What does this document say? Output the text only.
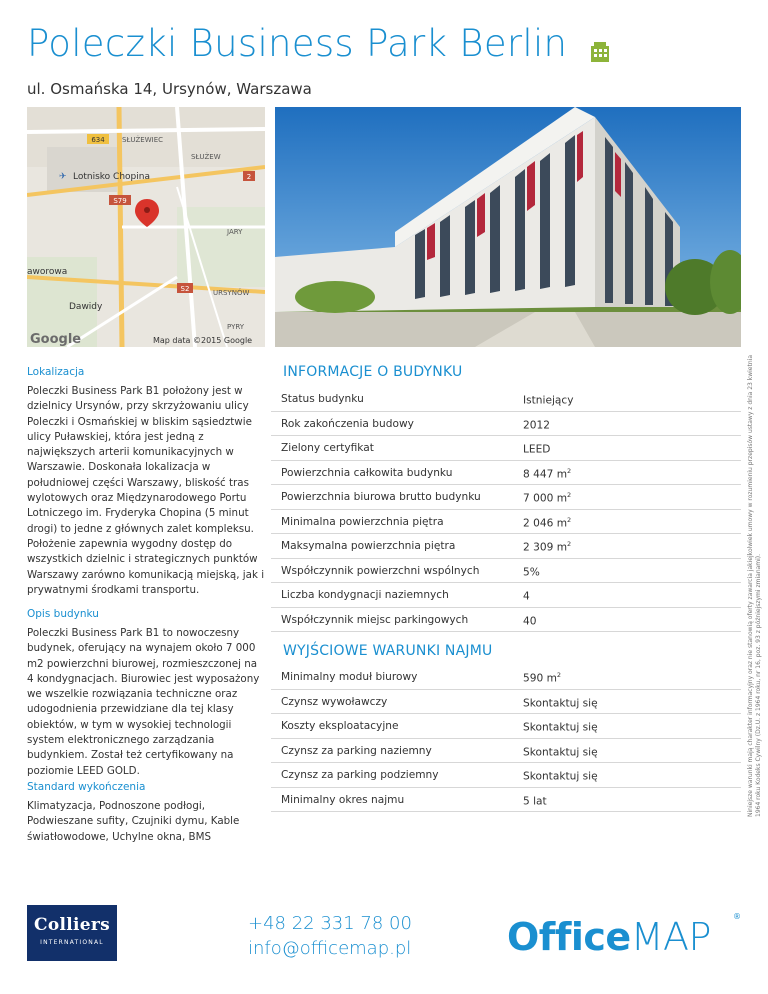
Poleczki Business Park Berlin
ul. Osmańska 14, Ursynów, Warszawa
634 SŁUŻEWIEC
SŁUŻEW
Lotnisko Chopina
✈	2
S79
JARY
aworowa
S2	URSYNÓW
Dawidy
PYRY
Google	Map data ©2015 Google
Lokalizacja

Poleczki Business Park B1 położony jest w dzielnicy Ursynów, przy skrzyżowaniu ulicy Poleczki i Osmańskiej w bliskim sąsiedztwie ulicy Puławskiej, która jest jedną z największych arterii komunikacyjnych w Warszawie. Doskonała lokalizacja w południowej części Warszawy, bliskość tras wylotowych oraz Międzynarodowego Portu Lotniczego im. Fryderyka Chopina (5 minut drogi) to jedne z głównych zalet kompleksu. Położenie zapewnia wygodny dostęp do wszystkich dzielnic i strategicznych punktów Warszawy zarówno komunikacją miejską, jak i prywatnymi środkami transportu.

Opis budynku

Poleczki Business Park B1 to nowoczesny budynek, oferujący na wynajem około 7 000 m2 powierzchni biurowej, rozmieszczonej na 4 kondygnacjach. Biurowiec jest wyposażony we wszelkie rozwiązania techniczne oraz udogodnienia przewidziane dla tej klasy obiektów, w tym w wysokiej technologii system elektronicznego zarządzania budynkiem. Został też certyfikowany na poziomie LEED GOLD.

Standard wykończenia

Klimatyzacja, Podnoszone podłogi, Podwieszane sufity, Czujniki dymu, Kable światłowodowe, Uchylne okna, BMS

INFORMACJE O BUDYNKU
Status budynku	Istniejący
Rok zakończenia budowy	2012
Zielony certyfikat	LEED
Powierzchnia całkowita budynku	8 447 $m^2$
Powierzchnia biurowa brutto budynku	7 000 $m^2$
Minimalna powierzchnia piętra	2 046 $m^2$
Maksymalna powierzchnia piętra	2 309 $m^2$
Współczynnik powierzchni wspólnych	5%
Liczba kondygnacji naziemnych	4
Współczynnik miejsc parkingowych	40
WYJŚCIOWE WARUNKI NAJMU
Minimalny moduł biurowy	590 $m^2$
Czynsz wywoławczy	Skontaktuj się
Koszty eksploatacyjne	Skontaktuj się
Czynsz za parking naziemny	Skontaktuj się
Czynsz za parking podziemny	Skontaktuj się
Minimalny okres najmu	5 lat	Niniejsze warunki mają charakter informacyjny oraz nie stanowią oferty zawarcia jakiejkolwiek umowy w rozumieniu przepisów ustawy z dnia 23 kwietnia 1964 roku Kodeks Cywilny (Dz.U. z 1964 roku, nr 16, poz. 93 z późniejszymi zmianami).
Colliers
INTERNATIONAL
+48 22 331 78 00
info@officemap.pl	OfficeMAP	®
